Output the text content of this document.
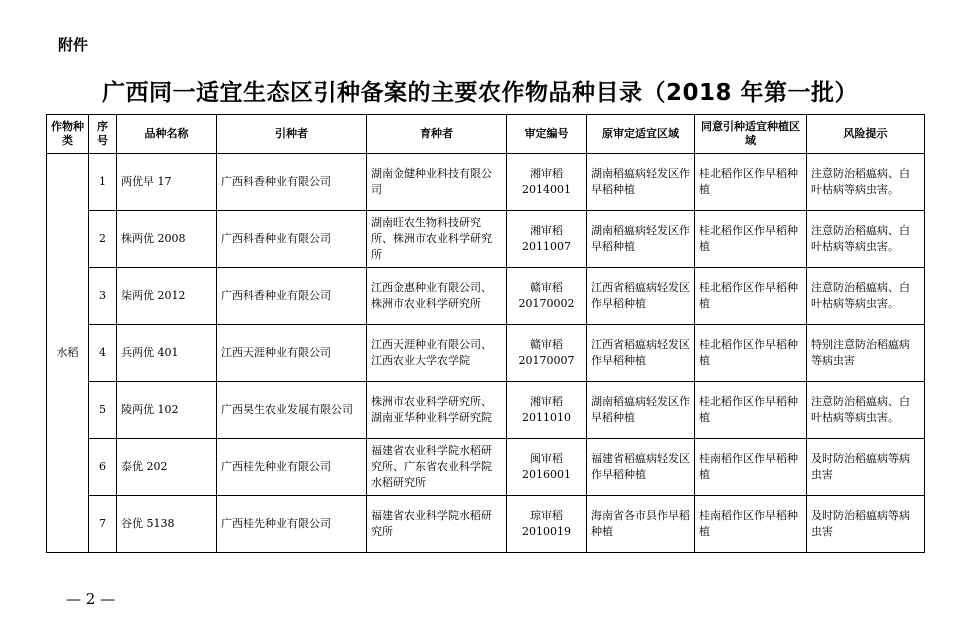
附件
广西同一适宜生态区引种备案的主要农作物品种目录（2018 年第一批）
作物种类	序号	品种名称	引种者	育种者	审定编号	原审定适宜区域	同意引种适宜种植区域	风险提示
水稻	1	两优早 17	广西科香种业有限公司	湖南金健种业科技有限公司	湘审稻2014001	湖南稻瘟病轻发区作早稻种植	桂北稻作区作早稻种植	注意防治稻瘟病、白叶枯病等病虫害。
	2	株两优 2008	广西科香种业有限公司	湖南旺农生物科技研究所、株洲市农业科学研究所	湘审稻2011007	湖南稻瘟病轻发区作早稻种植	桂北稻作区作早稻种植	注意防治稻瘟病、白叶枯病等病虫害。
	3	柒两优 2012	广西科香种业有限公司	江西金惠种业有限公司、株洲市农业科学研究所	赣审稻20170002	江西省稻瘟病轻发区作早稻种植	桂北稻作区作早稻种植	注意防治稻瘟病、白叶枯病等病虫害。
	4	兵两优 401	江西天涯种业有限公司	江西天涯种业有限公司、江西农业大学农学院	赣审稻20170007	江西省稻瘟病轻发区作早稻种植	桂北稻作区作早稻种植	特别注意防治稻瘟病等病虫害
	5	陵两优 102	广西昊生农业发展有限公司	株洲市农业科学研究所、湖南亚华种业科学研究院	湘审稻2011010	湖南稻瘟病轻发区作早稻种植	桂北稻作区作早稻种植	注意防治稻瘟病、白叶枯病等病虫害。
	6	泰优 202	广西桂先种业有限公司	福建省农业科学院水稻研究所、广东省农业科学院水稻研究所	闽审稻2016001	福建省稻瘟病轻发区作早稻种植	桂南稻作区作早稻种植	及时防治稻瘟病等病虫害
	7	谷优 5138	广西桂先种业有限公司	福建省农业科学院水稻研究所	琼审稻2010019	海南省各市县作早稻种植	桂南稻作区作早稻种植	及时防治稻瘟病等病虫害
— 2 —
